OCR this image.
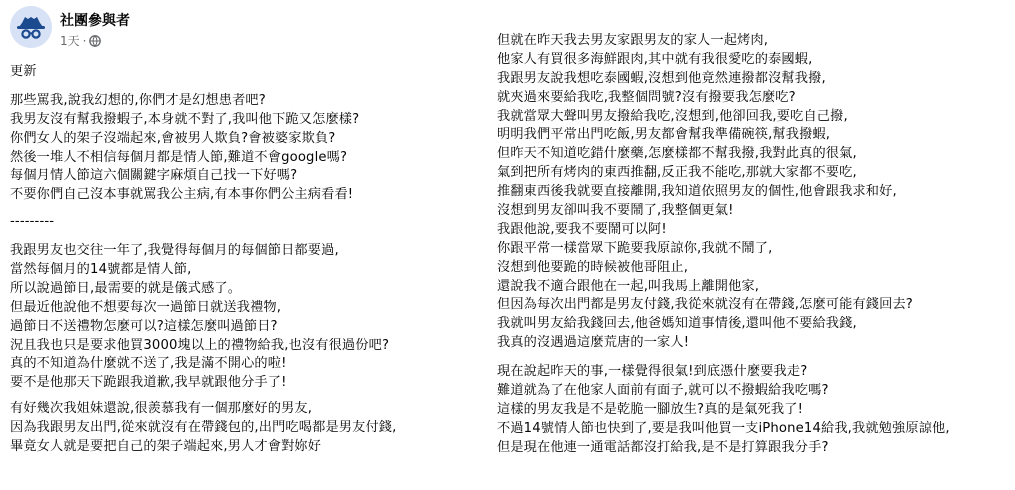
社團參與者
1天 ·
更新
那些罵我,說我幻想的,你們才是幻想患者吧?
我男友沒有幫我撥蝦子,本身就不對了,我叫他下跪又怎麼樣?
你們女人的架子沒端起來,會被男人欺負?會被婆家欺負?
然後一堆人不相信每個月都是情人節,難道不會google嗎?
每個月情人節這六個關鍵字麻煩自己找一下好嗎?
不要你們自己沒本事就罵我公主病,有本事你們公主病看看!
---------
我跟男友也交往一年了,我覺得每個月的每個節日都要過,
當然每個月的14號都是情人節,
所以說過節日,最需要的就是儀式感了。
但最近他說他不想要每次一過節日就送我禮物,
過節日不送禮物怎麼可以?這樣怎麼叫過節日?
況且我也只是要求他買3000塊以上的禮物給我,也沒有很過份吧?
真的不知道為什麼就不送了,我是滿不開心的啦!
要不是他那天下跪跟我道歉,我早就跟他分手了!
有好幾次我姐妹還說,很羨慕我有一個那麼好的男友,
因為我跟男友出門,從來就沒有在帶錢包的,出門吃喝都是男友付錢,
畢竟女人就是要把自己的架子端起來,男人才會對妳好
但就在昨天我去男友家跟男友的家人一起烤肉,
他家人有買很多海鮮跟肉,其中就有我很愛吃的泰國蝦,
我跟男友說我想吃泰國蝦,沒想到他竟然連撥都沒幫我撥,
就夾過來要給我吃,我整個問號?沒有撥要我怎麼吃?
我就當眾大聲叫男友撥給我吃,沒想到,他卻回我,要吃自己撥,
明明我們平常出門吃飯,男友都會幫我準備碗筷,幫我撥蝦,
但昨天不知道吃錯什麼藥,怎麼樣都不幫我撥,我對此真的很氣,
氣到把所有烤肉的東西推翻,反正我不能吃,那就大家都不要吃,
推翻東西後我就要直接離開,我知道依照男友的個性,他會跟我求和好,
沒想到男友卻叫我不要鬧了,我整個更氣!
我跟他說,要我不要鬧可以阿!
你跟平常一樣當眾下跪要我原諒你,我就不鬧了,
沒想到他要跪的時候被他哥阻止,
還說我不適合跟他在一起,叫我馬上離開他家,
但因為每次出門都是男友付錢,我從來就沒有在帶錢,怎麼可能有錢回去?
我就叫男友給我錢回去,他爸媽知道事情後,還叫他不要給我錢,
我真的沒遇過這麼荒唐的一家人!
現在說起昨天的事,一樣覺得很氣!到底憑什麼要我走?
難道就為了在他家人面前有面子,就可以不撥蝦給我吃嗎?
這樣的男友我是不是乾脆一腳放生?真的是氣死我了!
不過14號情人節也快到了,要是我叫他買一支iPhone14給我,我就勉強原諒他,
但是現在他連一通電話都沒打給我,是不是打算跟我分手?
